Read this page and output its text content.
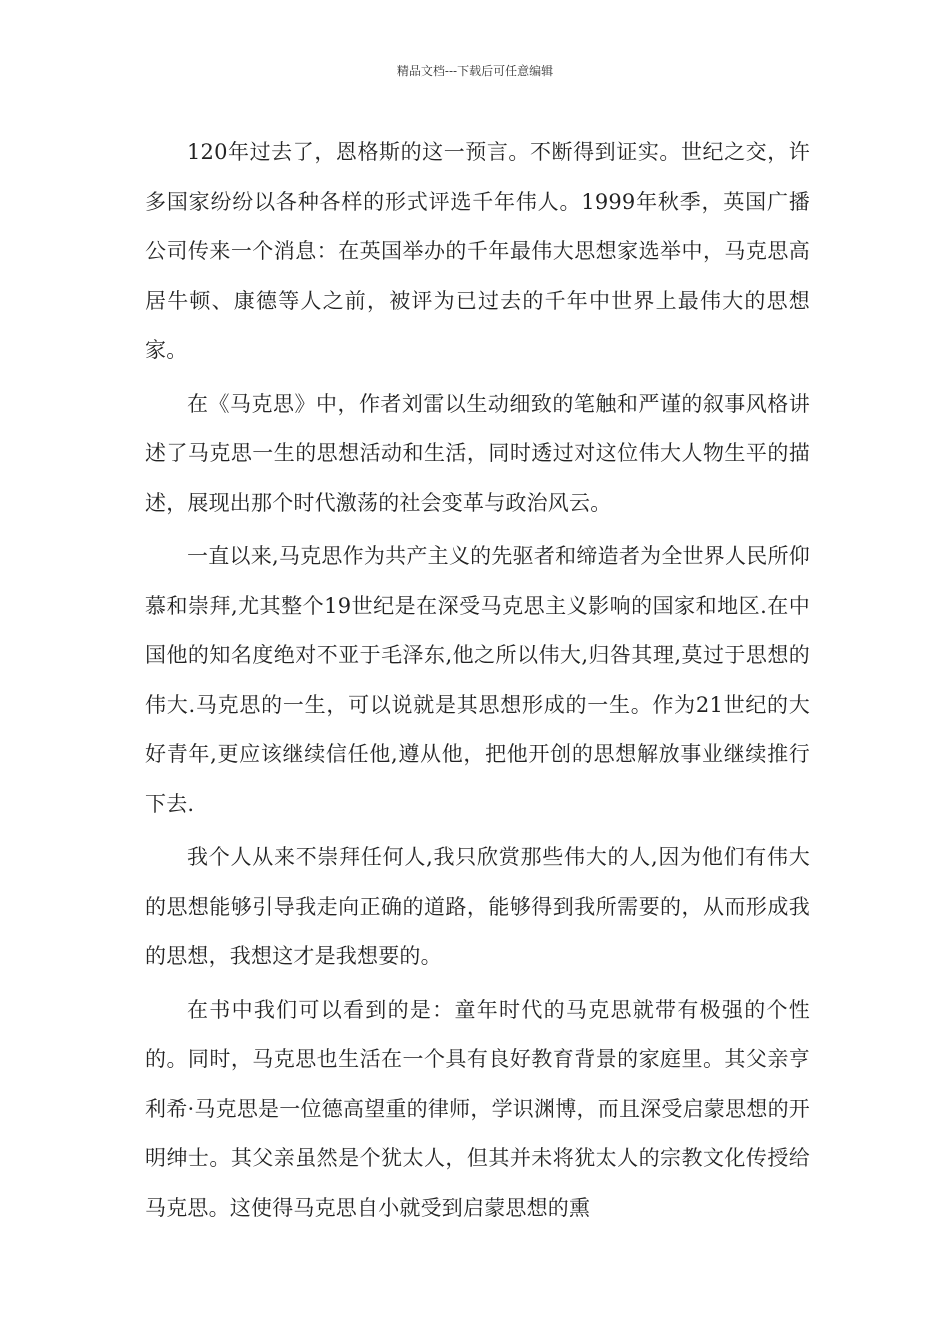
精品文档---下载后可任意编辑

120年过去了，恩格斯的这一预言。不断得到证实。世纪之交，许多国家纷纷以各种各样的形式评选千年伟人。1999年秋季，英国广播公司传来一个消息：在英国举办的千年最伟大思想家选举中，马克思高居牛顿、康德等人之前，被评为已过去的千年中世界上最伟大的思想家。

在《马克思》中，作者刘雷以生动细致的笔触和严谨的叙事风格讲述了马克思一生的思想活动和生活，同时透过对这位伟大人物生平的描述，展现出那个时代激荡的社会变革与政治风云。

一直以来,马克思作为共产主义的先驱者和缔造者为全世界人民所仰慕和崇拜,尤其整个19世纪是在深受马克思主义影响的国家和地区.在中国他的知名度绝对不亚于毛泽东,他之所以伟大,归咎其理,莫过于思想的伟大.马克思的一生，可以说就是其思想形成的一生。作为21世纪的大好青年,更应该继续信任他,遵从他，把他开创的思想解放事业继续推行下去.

我个人从来不崇拜任何人,我只欣赏那些伟大的人,因为他们有伟大的思想能够引导我走向正确的道路，能够得到我所需要的，从而形成我的思想，我想这才是我想要的。

在书中我们可以看到的是：童年时代的马克思就带有极强的个性的。同时，马克思也生活在一个具有良好教育背景的家庭里。其父亲亨利希·马克思是一位德高望重的律师，学识渊博，而且深受启蒙思想的开明绅士。其父亲虽然是个犹太人，但其并未将犹太人的宗教文化传授给马克思。这使得马克思自小就受到启蒙思想的熏
